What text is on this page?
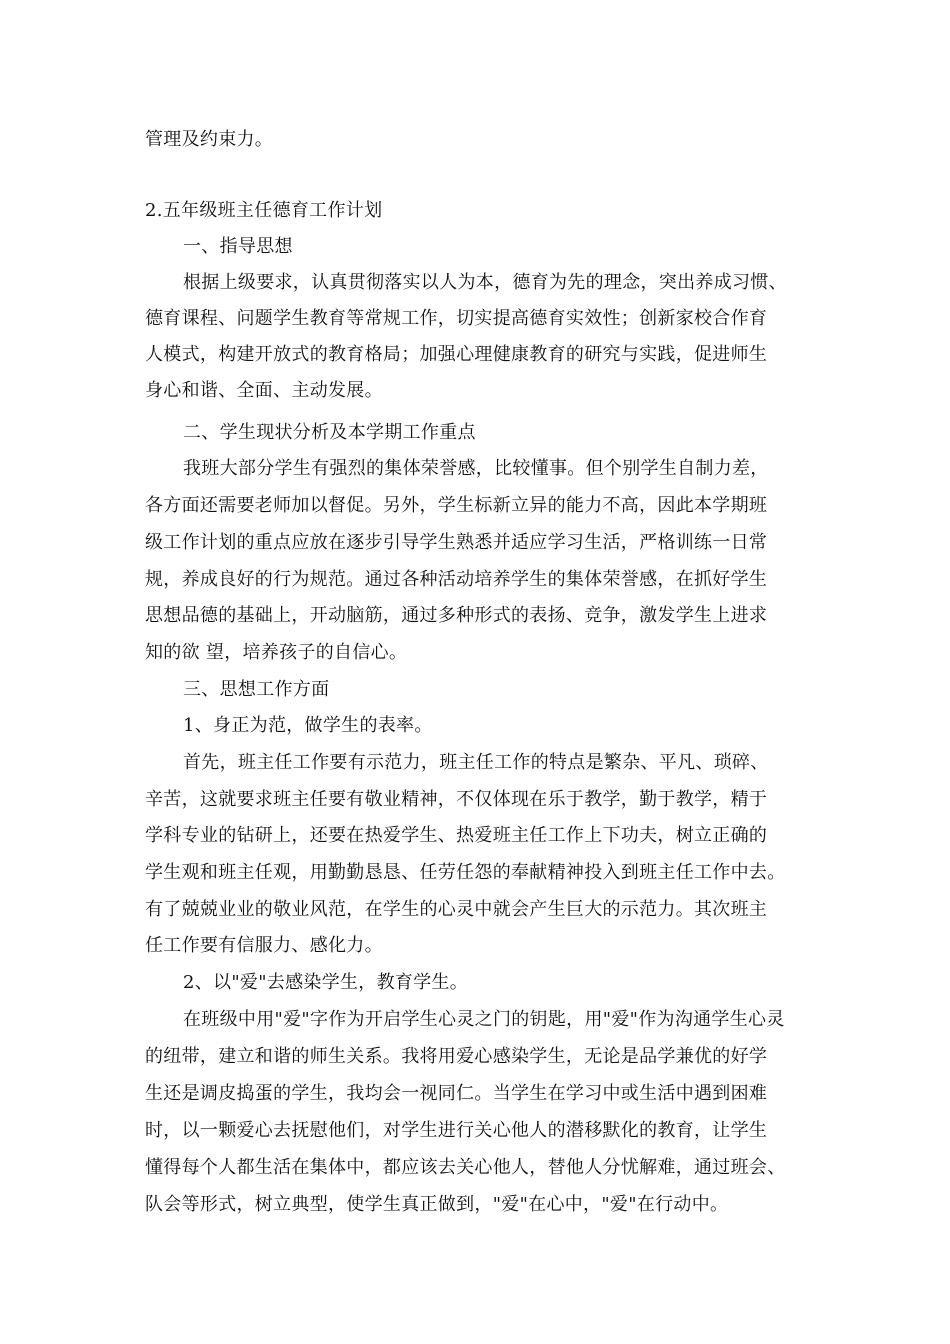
管理及约束力。
2.五年级班主任德育工作计划
一、指导思想
根据上级要求，认真贯彻落实以人为本，德育为先的理念，突出养成习惯、
德育课程、问题学生教育等常规工作，切实提高德育实效性；创新家校合作育
人模式，构建开放式的教育格局；加强心理健康教育的研究与实践，促进师生
身心和谐、全面、主动发展。
二、学生现状分析及本学期工作重点
我班大部分学生有强烈的集体荣誉感，比较懂事。但个别学生自制力差，
各方面还需要老师加以督促。另外，学生标新立异的能力不高，因此本学期班
级工作计划的重点应放在逐步引导学生熟悉并适应学习生活，严格训练一日常
规，养成良好的行为规范。通过各种活动培养学生的集体荣誉感，在抓好学生
思想品德的基础上，开动脑筋，通过多种形式的表扬、竞争，激发学生上进求
知的欲 望，培养孩子的自信心。
三、思想工作方面
1、身正为范，做学生的表率。
首先，班主任工作要有示范力，班主任工作的特点是繁杂、平凡、琐碎、
辛苦，这就要求班主任要有敬业精神，不仅体现在乐于教学，勤于教学，精于
学科专业的钻研上，还要在热爱学生、热爱班主任工作上下功夫，树立正确的
学生观和班主任观，用勤勤恳恳、任劳任怨的奉献精神投入到班主任工作中去。
有了兢兢业业的敬业风范，在学生的心灵中就会产生巨大的示范力。其次班主
任工作要有信服力、感化力。
2、以"爱"去感染学生，教育学生。
在班级中用"爱"字作为开启学生心灵之门的钥匙，用"爱"作为沟通学生心灵
的纽带，建立和谐的师生关系。我将用爱心感染学生，无论是品学兼优的好学
生还是调皮捣蛋的学生，我均会一视同仁。当学生在学习中或生活中遇到困难
时，以一颗爱心去抚慰他们，对学生进行关心他人的潜移默化的教育，让学生
懂得每个人都生活在集体中，都应该去关心他人，替他人分忧解难，通过班会、
队会等形式，树立典型，使学生真正做到，"爱"在心中，"爱"在行动中。
